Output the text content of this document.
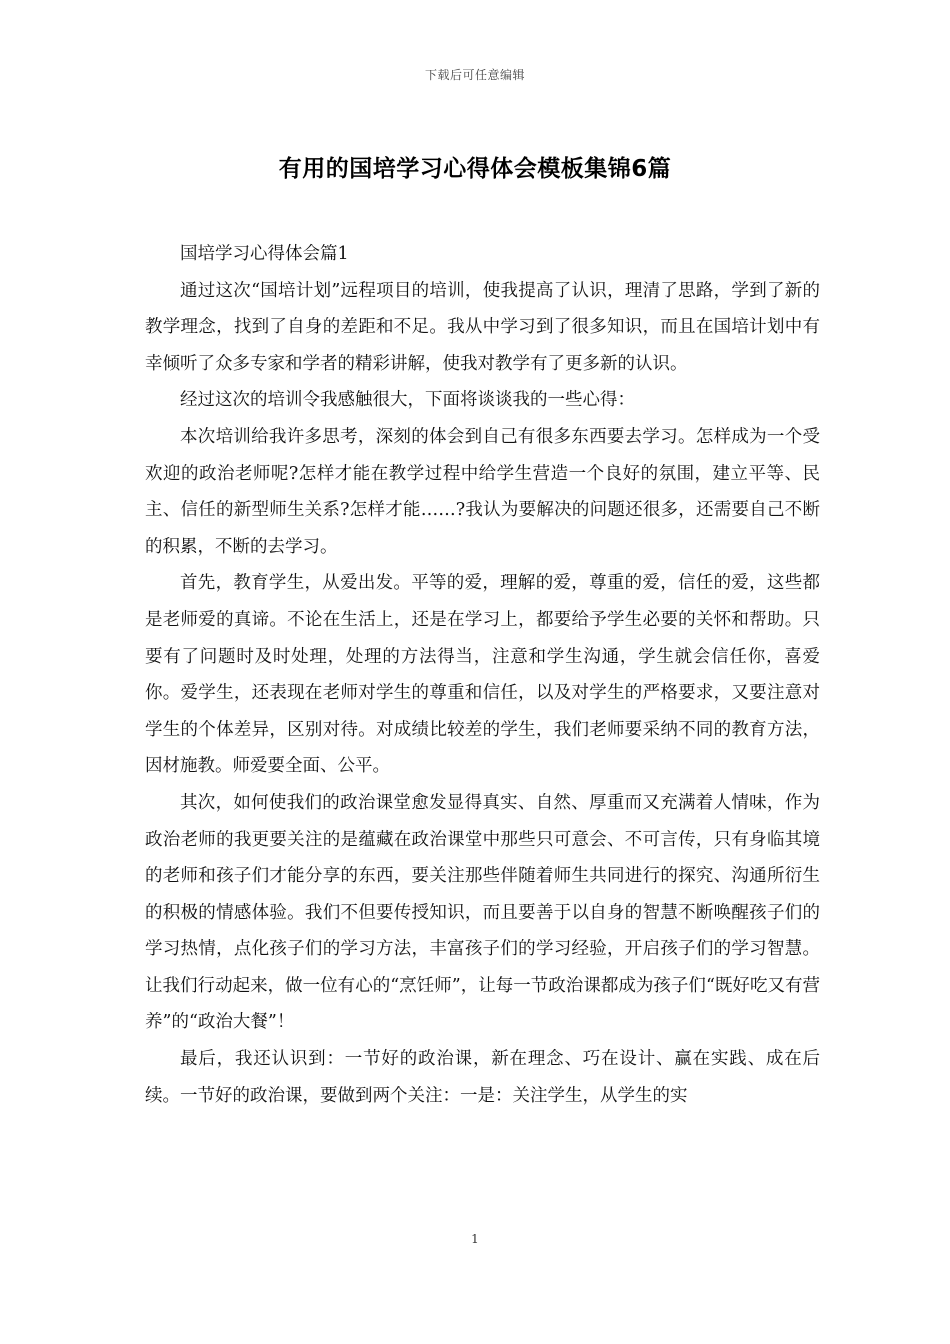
下载后可任意编辑
有用的国培学习心得体会模板集锦6篇

国培学习心得体会篇1

通过这次“国培计划”远程项目的培训，使我提高了认识，理清了思路，学到了新的教学理念，找到了自身的差距和不足。我从中学习到了很多知识，而且在国培计划中有幸倾听了众多专家和学者的精彩讲解，使我对教学有了更多新的认识。

经过这次的培训令我感触很大，下面将谈谈我的一些心得：

本次培训给我许多思考，深刻的体会到自己有很多东西要去学习。怎样成为一个受欢迎的政治老师呢?怎样才能在教学过程中给学生营造一个良好的氛围，建立平等、民主、信任的新型师生关系?怎样才能……?我认为要解决的问题还很多，还需要自己不断的积累，不断的去学习。

首先，教育学生，从爱出发。平等的爱，理解的爱，尊重的爱，信任的爱，这些都是老师爱的真谛。不论在生活上，还是在学习上，都要给予学生必要的关怀和帮助。只要有了问题时及时处理，处理的方法得当，注意和学生沟通，学生就会信任你，喜爱你。爱学生，还表现在老师对学生的尊重和信任，以及对学生的严格要求，又要注意对学生的个体差异，区别对待。对成绩比较差的学生，我们老师要采纳不同的教育方法，因材施教。师爱要全面、公平。

其次，如何使我们的政治课堂愈发显得真实、自然、厚重而又充满着人情味，作为政治老师的我更要关注的是蕴藏在政治课堂中那些只可意会、不可言传，只有身临其境的老师和孩子们才能分享的东西，要关注那些伴随着师生共同进行的探究、沟通所衍生的积极的情感体验。我们不但要传授知识，而且要善于以自身的智慧不断唤醒孩子们的学习热情，点化孩子们的学习方法，丰富孩子们的学习经验，开启孩子们的学习智慧。让我们行动起来，做一位有心的“烹饪师”，让每一节政治课都成为孩子们“既好吃又有营养”的“政治大餐”！

最后，我还认识到：一节好的政治课，新在理念、巧在设计、赢在实践、成在后续。一节好的政治课，要做到两个关注：一是：关注学生，从学生的实

1
